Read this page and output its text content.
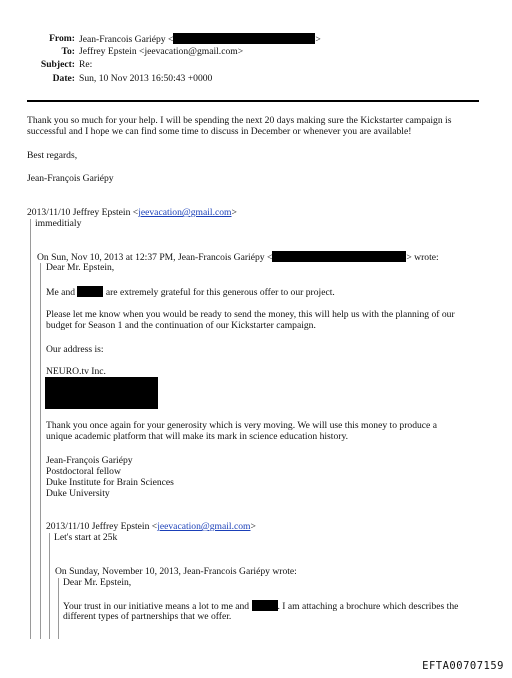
From: Jean-Francois Gariépy <	>
To: Jeffrey Epstein <jeevacation@gmail.com>
Subject: Re:
Date: Sun, 10 Nov 2013 16:50:43 +0000
Thank you so much for your help. I will be spending the next 20 days making sure the Kickstarter campaign is
successful and I hope we can find some time to discuss in December or whenever you are available!
Best regards,
Jean-François Gariépy
2013/11/10 Jeffrey Epstein <jeevacation@gmail.com>
immeditialy
On Sun, Nov 10, 2013 at 12:37 PM, Jean-Francois Gariépy <	> wrote:
Dear Mr. Epstein,
Me and	are extremely grateful for this generous offer to our project.
Please let me know when you would be ready to send the money, this will help us with the planning of our
budget for Season 1 and the continuation of our Kickstarter campaign.
Our address is:
NEURO.tv Inc.
Thank you once again for your generosity which is very moving. We will use this money to produce a
unique academic platform that will make its mark in science education history.
Jean-François Gariépy
Postdoctoral fellow
Duke Institute for Brain Sciences
Duke University
2013/11/10 Jeffrey Epstein <jeevacation@gmail.com>
Let's start at 25k
On Sunday, November 10, 2013, Jean-Francois Gariépy wrote:
Dear Mr. Epstein,
Your trust in our initiative means a lot to me and	. I am attaching a brochure which describes the
different types of partnerships that we offer.
EFTA00707159
